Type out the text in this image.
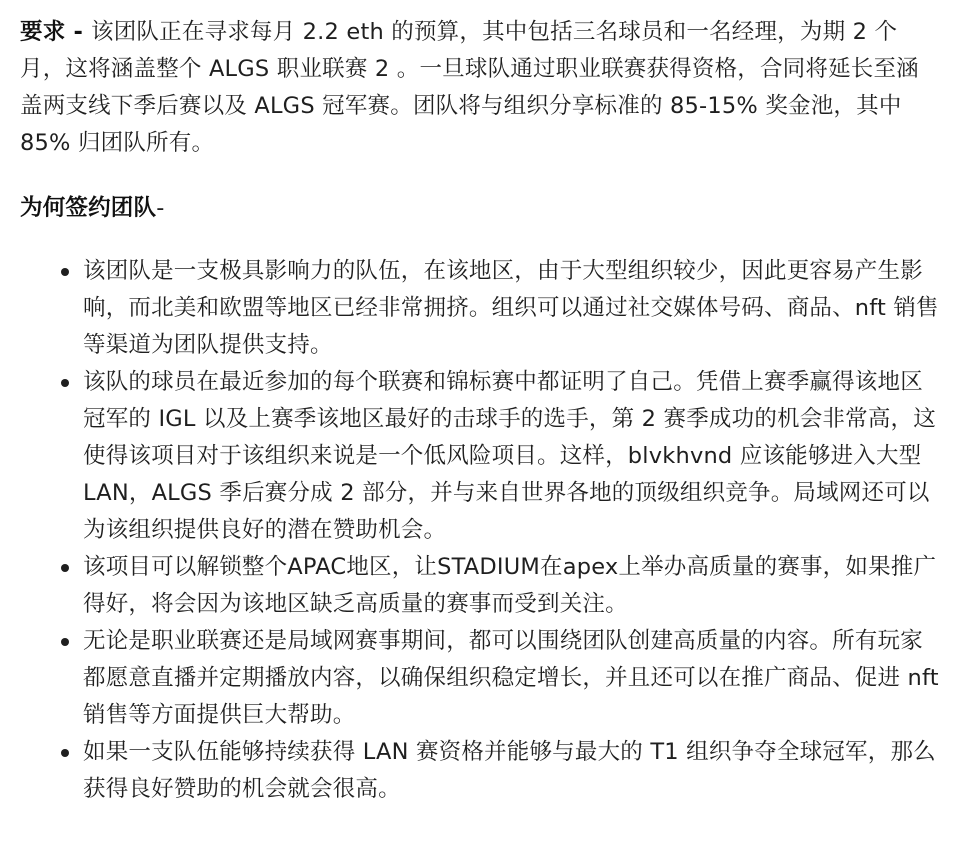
要求 - 该团队正在寻求每月 2.2 eth 的预算，其中包括三名球员和一名经理，为期 2 个月，这将涵盖整个 ALGS 职业联赛 2 。一旦球队通过职业联赛获得资格，合同将延长至涵盖两支线下季后赛以及 ALGS 冠军赛。团队将与组织分享标准的 85-15% 奖金池，其中 85% 归团队所有。

为何签约团队-

该团队是一支极具影响力的队伍，在该地区，由于大型组织较少，因此更容易产生影响，而北美和欧盟等地区已经非常拥挤。组织可以通过社交媒体号码、商品、nft 销售等渠道为团队提供支持。
该队的球员在最近参加的每个联赛和锦标赛中都证明了自己。凭借上赛季赢得该地区冠军的 IGL 以及上赛季该地区最好的击球手的选手，第 2 赛季成功的机会非常高，这使得该项目对于该组织来说是一个低风险项目。这样，blvkhvnd 应该能够进入大型 LAN，ALGS 季后赛分成 2 部分，并与来自世界各地的顶级组织竞争。局域网还可以为该组织提供良好的潜在赞助机会。
该项目可以解锁整个APAC地区，让STADIUM在apex上举办高质量的赛事，如果推广得好，将会因为该地区缺乏高质量的赛事而受到关注。
无论是职业联赛还是局域网赛事期间，都可以围绕团队创建高质量的内容。所有玩家都愿意直播并定期播放内容，以确保组织稳定增长，并且还可以在推广商品、促进 nft 销售等方面提供巨大帮助。
如果一支队伍能够持续获得 LAN 赛资格并能够与最大的 T1 组织争夺全球冠军，那么获得良好赞助的机会就会很高。
